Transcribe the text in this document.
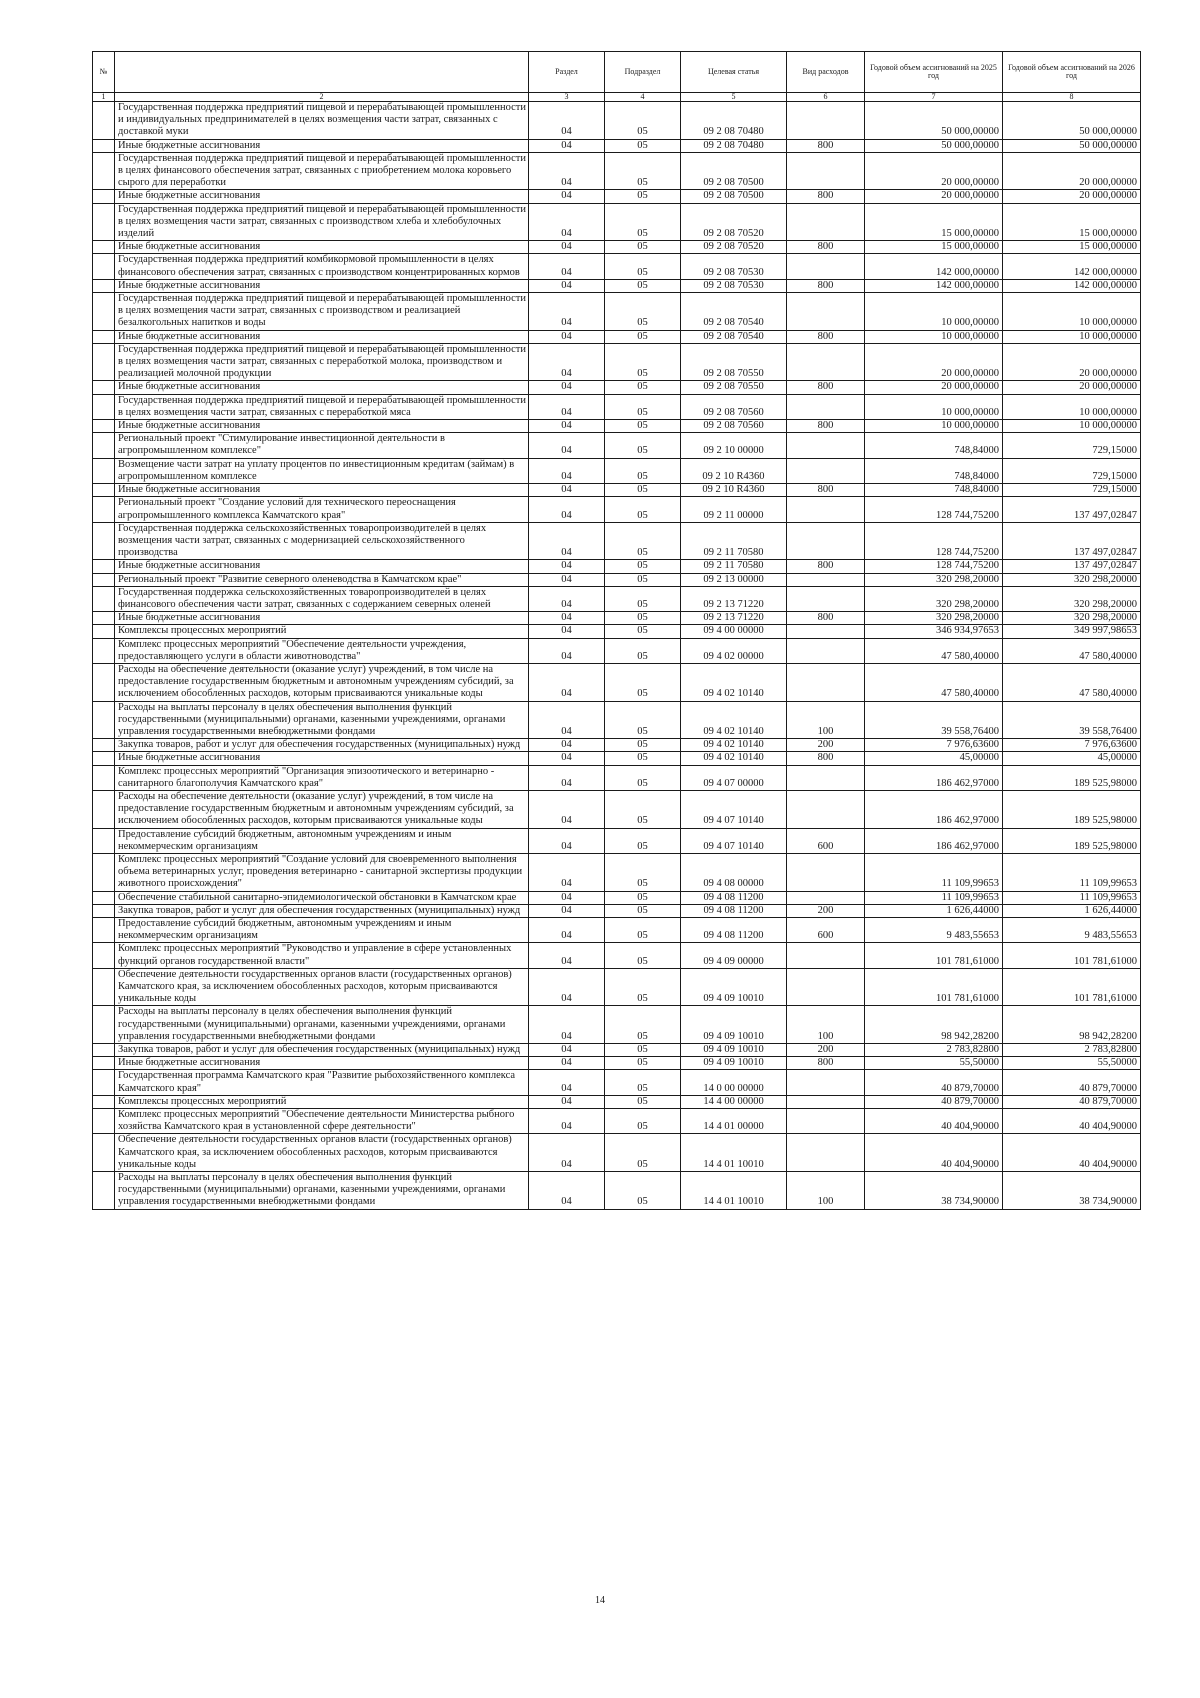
№		Раздел	Подраздел	Целевая статья	Вид расходов	Годовой объем ассигнований на 2025 год	Годовой объем ассигнований на 2026 год
1	2	3	4	5	6	7	8
	Государственная поддержка предприятий пищевой и перерабатывающей промышленности и индивидуальных предпринимателей в целях возмещения части затрат, связанных с доставкой муки	04	05	09 2 08 70480		50 000,00000	50 000,00000
	Иные бюджетные ассигнования	04	05	09 2 08 70480	800	50 000,00000	50 000,00000
	Государственная поддержка предприятий пищевой и перерабатывающей промышленности в целях финансового обеспечения затрат, связанных с приобретением молока коровьего сырого для переработки	04	05	09 2 08 70500		20 000,00000	20 000,00000
	Иные бюджетные ассигнования	04	05	09 2 08 70500	800	20 000,00000	20 000,00000
	Государственная поддержка предприятий пищевой и перерабатывающей промышленности в целях возмещения части затрат, связанных с производством хлеба и хлебобулочных изделий	04	05	09 2 08 70520		15 000,00000	15 000,00000
	Иные бюджетные ассигнования	04	05	09 2 08 70520	800	15 000,00000	15 000,00000
	Государственная поддержка предприятий комбикормовой промышленности в целях финансового обеспечения затрат, связанных с производством концентрированных кормов	04	05	09 2 08 70530		142 000,00000	142 000,00000
	Иные бюджетные ассигнования	04	05	09 2 08 70530	800	142 000,00000	142 000,00000
	Государственная поддержка предприятий пищевой и перерабатывающей промышленности в целях возмещения части затрат, связанных с производством и реализацией безалкогольных напитков и воды	04	05	09 2 08 70540		10 000,00000	10 000,00000
	Иные бюджетные ассигнования	04	05	09 2 08 70540	800	10 000,00000	10 000,00000
	Государственная поддержка предприятий пищевой и перерабатывающей промышленности в целях возмещения части затрат, связанных с переработкой молока, производством и реализацией молочной продукции	04	05	09 2 08 70550		20 000,00000	20 000,00000
	Иные бюджетные ассигнования	04	05	09 2 08 70550	800	20 000,00000	20 000,00000
	Государственная поддержка предприятий пищевой и перерабатывающей промышленности в целях возмещения части затрат, связанных с переработкой мяса	04	05	09 2 08 70560		10 000,00000	10 000,00000
	Иные бюджетные ассигнования	04	05	09 2 08 70560	800	10 000,00000	10 000,00000
	Региональный проект "Стимулирование инвестиционной деятельности в агропромышленном комплексе"	04	05	09 2 10 00000		748,84000	729,15000
	Возмещение части затрат на уплату процентов по инвестиционным кредитам (займам) в агропромышленном комплексе	04	05	09 2 10 R4360		748,84000	729,15000
	Иные бюджетные ассигнования	04	05	09 2 10 R4360	800	748,84000	729,15000
	Региональный проект "Создание условий для технического переоснащения агропромышленного комплекса Камчатского края"	04	05	09 2 11 00000		128 744,75200	137 497,02847
	Государственная поддержка сельскохозяйственных товаропроизводителей в целях возмещения части затрат, связанных с модернизацией сельскохозяйственного производства	04	05	09 2 11 70580		128 744,75200	137 497,02847
	Иные бюджетные ассигнования	04	05	09 2 11 70580	800	128 744,75200	137 497,02847
	Региональный проект "Развитие северного оленеводства в Камчатском крае"	04	05	09 2 13 00000		320 298,20000	320 298,20000
	Государственная поддержка сельскохозяйственных товаропроизводителей в целях финансового обеспечения части затрат, связанных с содержанием северных оленей	04	05	09 2 13 71220		320 298,20000	320 298,20000
	Иные бюджетные ассигнования	04	05	09 2 13 71220	800	320 298,20000	320 298,20000
	Комплексы процессных мероприятий	04	05	09 4 00 00000		346 934,97653	349 997,98653
	Комплекс процессных мероприятий "Обеспечение деятельности учреждения, предоставляющего услуги в области животноводства"	04	05	09 4 02 00000		47 580,40000	47 580,40000
	Расходы на обеспечение деятельности (оказание услуг) учреждений, в том числе на предоставление государственным бюджетным и автономным учреждениям субсидий, за исключением обособленных расходов, которым присваиваются уникальные коды	04	05	09 4 02 10140		47 580,40000	47 580,40000
	Расходы на выплаты персоналу в целях обеспечения выполнения функций государственными (муниципальными) органами, казенными учреждениями, органами управления государственными внебюджетными фондами	04	05	09 4 02 10140	100	39 558,76400	39 558,76400
	Закупка товаров, работ и услуг для обеспечения государственных (муниципальных) нужд	04	05	09 4 02 10140	200	7 976,63600	7 976,63600
	Иные бюджетные ассигнования	04	05	09 4 02 10140	800	45,00000	45,00000
	Комплекс процессных мероприятий "Организация эпизоотического и ветеринарно - санитарного благополучия Камчатского края"	04	05	09 4 07 00000		186 462,97000	189 525,98000
	Расходы на обеспечение деятельности (оказание услуг) учреждений, в том числе на предоставление государственным бюджетным и автономным учреждениям субсидий, за исключением обособленных расходов, которым присваиваются уникальные коды	04	05	09 4 07 10140		186 462,97000	189 525,98000
	Предоставление субсидий бюджетным, автономным учреждениям и иным некоммерческим организациям	04	05	09 4 07 10140	600	186 462,97000	189 525,98000
	Комплекс процессных мероприятий "Создание условий для своевременного выполнения объема ветеринарных услуг, проведения ветеринарно - санитарной экспертизы продукции животного происхождения"	04	05	09 4 08 00000		11 109,99653	11 109,99653
	Обеспечение стабильной санитарно-эпидемиологической обстановки в Камчатском крае	04	05	09 4 08 11200		11 109,99653	11 109,99653
	Закупка товаров, работ и услуг для обеспечения государственных (муниципальных) нужд	04	05	09 4 08 11200	200	1 626,44000	1 626,44000
	Предоставление субсидий бюджетным, автономным учреждениям и иным некоммерческим организациям	04	05	09 4 08 11200	600	9 483,55653	9 483,55653
	Комплекс процессных мероприятий "Руководство и управление в сфере установленных функций органов государственной власти"	04	05	09 4 09 00000		101 781,61000	101 781,61000
	Обеспечение деятельности государственных органов власти (государственных органов) Камчатского края, за исключением обособленных расходов, которым присваиваются уникальные коды	04	05	09 4 09 10010		101 781,61000	101 781,61000
	Расходы на выплаты персоналу в целях обеспечения выполнения функций государственными (муниципальными) органами, казенными учреждениями, органами управления государственными внебюджетными фондами	04	05	09 4 09 10010	100	98 942,28200	98 942,28200
	Закупка товаров, работ и услуг для обеспечения государственных (муниципальных) нужд	04	05	09 4 09 10010	200	2 783,82800	2 783,82800
	Иные бюджетные ассигнования	04	05	09 4 09 10010	800	55,50000	55,50000
	Государственная программа Камчатского края "Развитие рыбохозяйственного комплекса Камчатского края"	04	05	14 0 00 00000		40 879,70000	40 879,70000
	Комплексы процессных мероприятий	04	05	14 4 00 00000		40 879,70000	40 879,70000
	Комплекс процессных мероприятий "Обеспечение деятельности Министерства рыбного хозяйства Камчатского края в установленной сфере деятельности"	04	05	14 4 01 00000		40 404,90000	40 404,90000
	Обеспечение деятельности государственных органов власти (государственных органов) Камчатского края, за исключением обособленных расходов, которым присваиваются уникальные коды	04	05	14 4 01 10010		40 404,90000	40 404,90000
	Расходы на выплаты персоналу в целях обеспечения выполнения функций государственными (муниципальными) органами, казенными учреждениями, органами управления государственными внебюджетными фондами	04	05	14 4 01 10010	100	38 734,90000	38 734,90000
14
